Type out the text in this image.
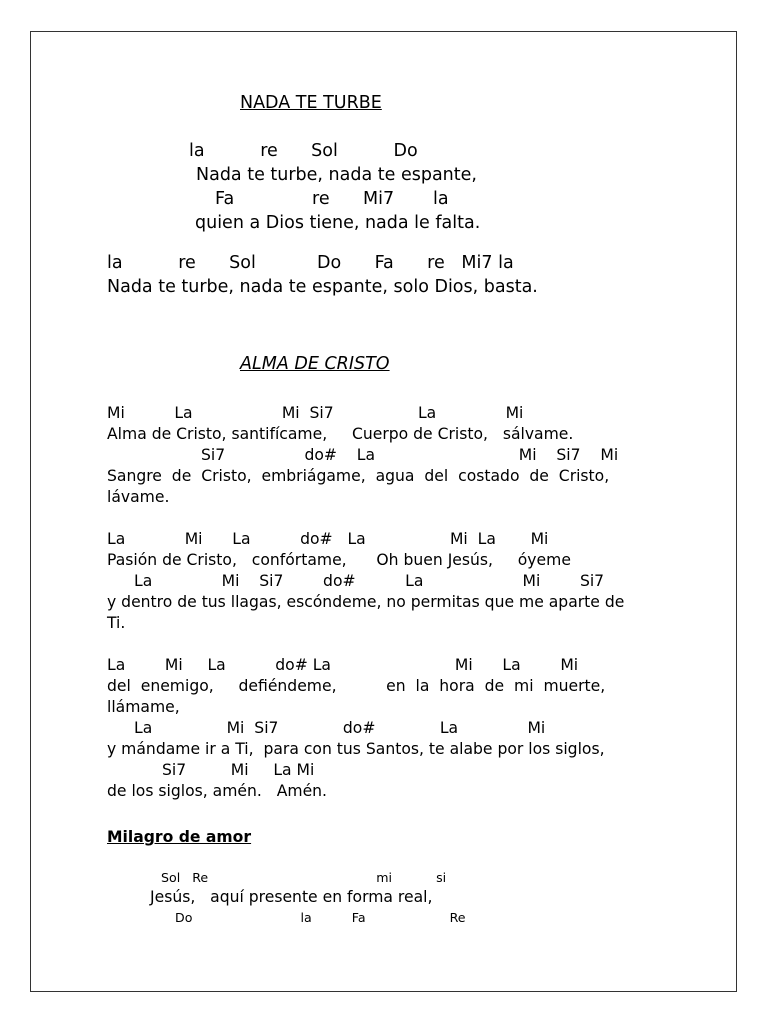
NADA TE TURBE
la          re      Sol          Do
Nada te turbe, nada te espante,
Fa              re      Mi7       la
quien a Dios tiene, nada le falta.
la          re      Sol           Do      Fa      re   Mi7 la
Nada te turbe, nada te espante, solo Dios, basta.
ALMA DE CRISTO
Mi          La                  Mi  Si7                 La              Mi
Alma de Cristo, santifícame,     Cuerpo de Cristo,   sálvame.
Si7                do#    La                             Mi    Si7    Mi
Sangre  de  Cristo,  embriágame,  agua  del  costado  de  Cristo,
lávame.
La            Mi      La          do#   La                 Mi  La       Mi
Pasión de Cristo,   confórtame,      Oh buen Jesús,     óyeme
La              Mi    Si7        do#          La                    Mi        Si7
y dentro de tus llagas, escóndeme, no permitas que me aparte de
Ti.
La        Mi     La          do# La                         Mi      La        Mi
del  enemigo,     defiéndeme,          en  la  hora  de  mi  muerte,
llámame,
La               Mi  Si7             do#             La              Mi
y mándame ir a Ti,  para con tus Santos, te alabe por los siglos,
Si7         Mi     La Mi
de los siglos, amén.   Amén.
Milagro de amor
Sol   Re                                          mi           si
Jesús,   aquí presente en forma real,
Do                           la          Fa                     Re
